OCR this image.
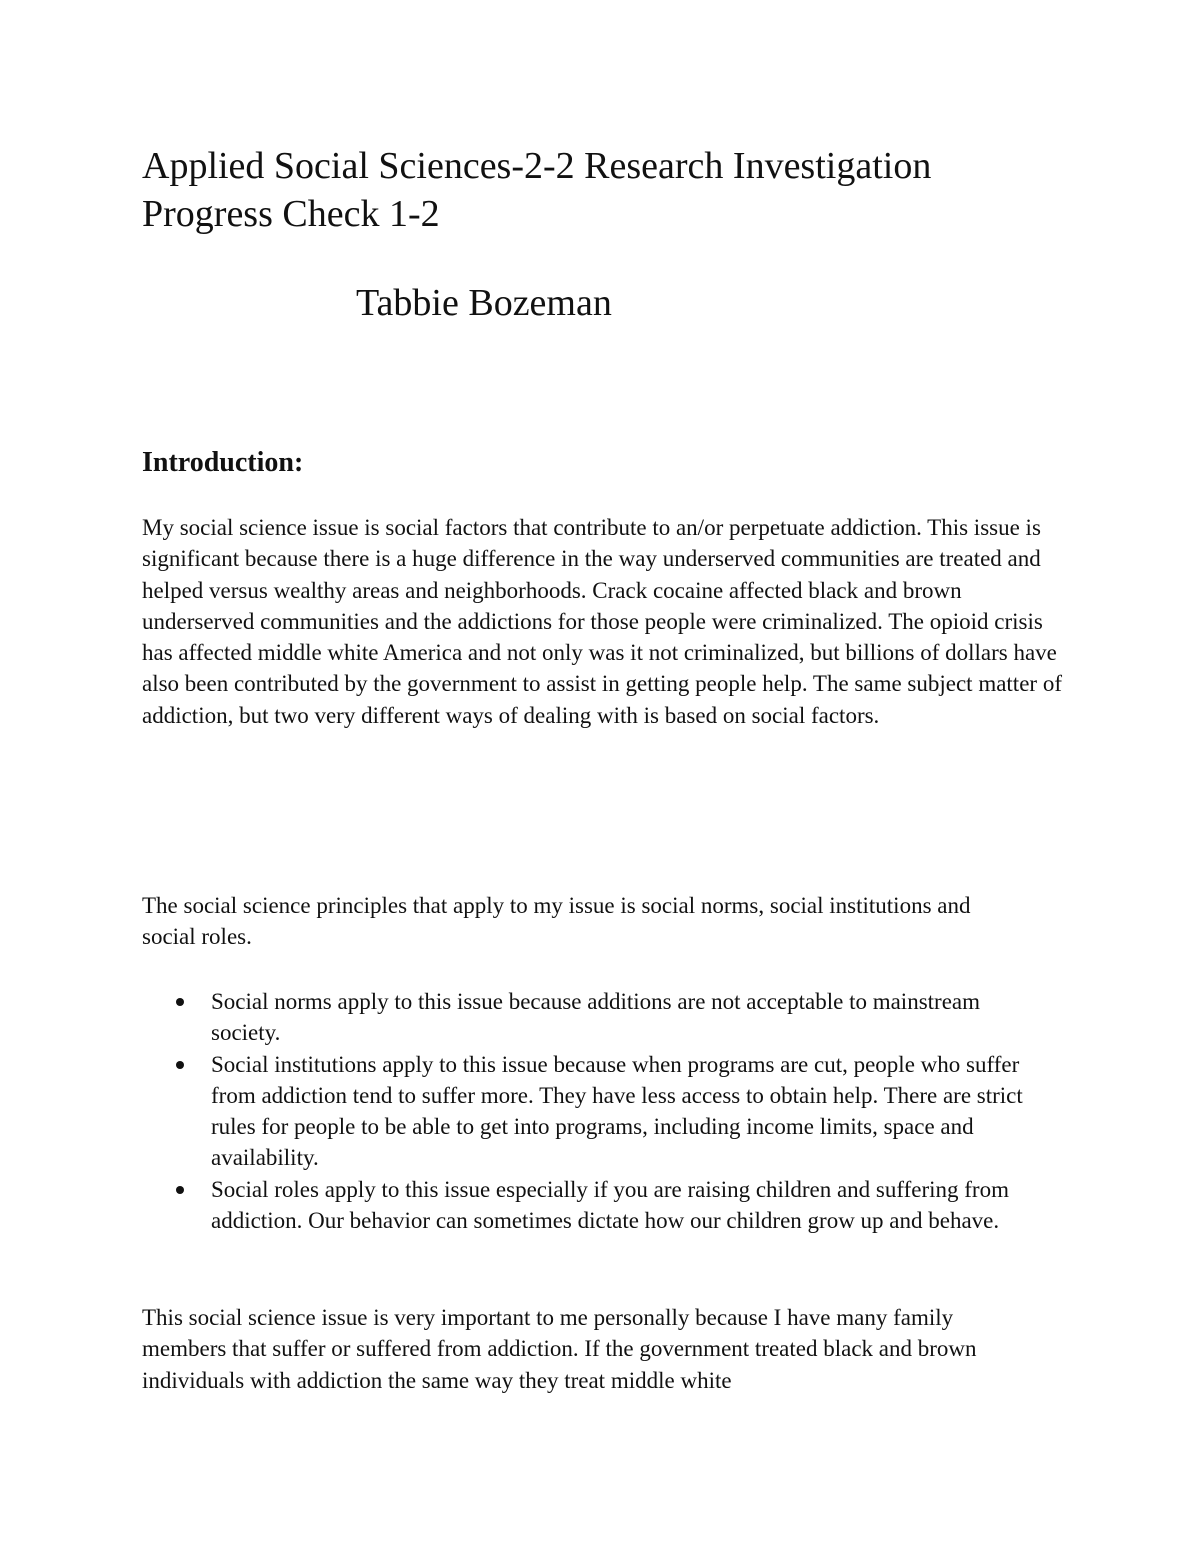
Applied Social Sciences-2-2 Research Investigation
Progress Check 1-2

Tabbie Bozeman

Introduction:

My social science issue is social factors that contribute to an/or perpetuate addiction. This issue is significant because there is a huge difference in the way underserved communities are treated and helped versus wealthy areas and neighborhoods. Crack cocaine affected black and brown underserved communities and the addictions for those people were criminalized. The opioid crisis has affected middle white America and not only was it not criminalized, but billions of dollars have also been contributed by the government to assist in getting people help. The same subject matter of addiction, but two very different ways of dealing with is based on social factors.

The social science principles that apply to my issue is social norms, social institutions and social roles.

Social norms apply to this issue because additions are not acceptable to mainstream society.
Social institutions apply to this issue because when programs are cut, people who suffer from addiction tend to suffer more. They have less access to obtain help. There are strict rules for people to be able to get into programs, including income limits, space and availability.
Social roles apply to this issue especially if you are raising children and suffering from addiction. Our behavior can sometimes dictate how our children grow up and behave.

This social science issue is very important to me personally because I have many family members that suffer or suffered from addiction. If the government treated black and brown individuals with addiction the same way they treat middle white
